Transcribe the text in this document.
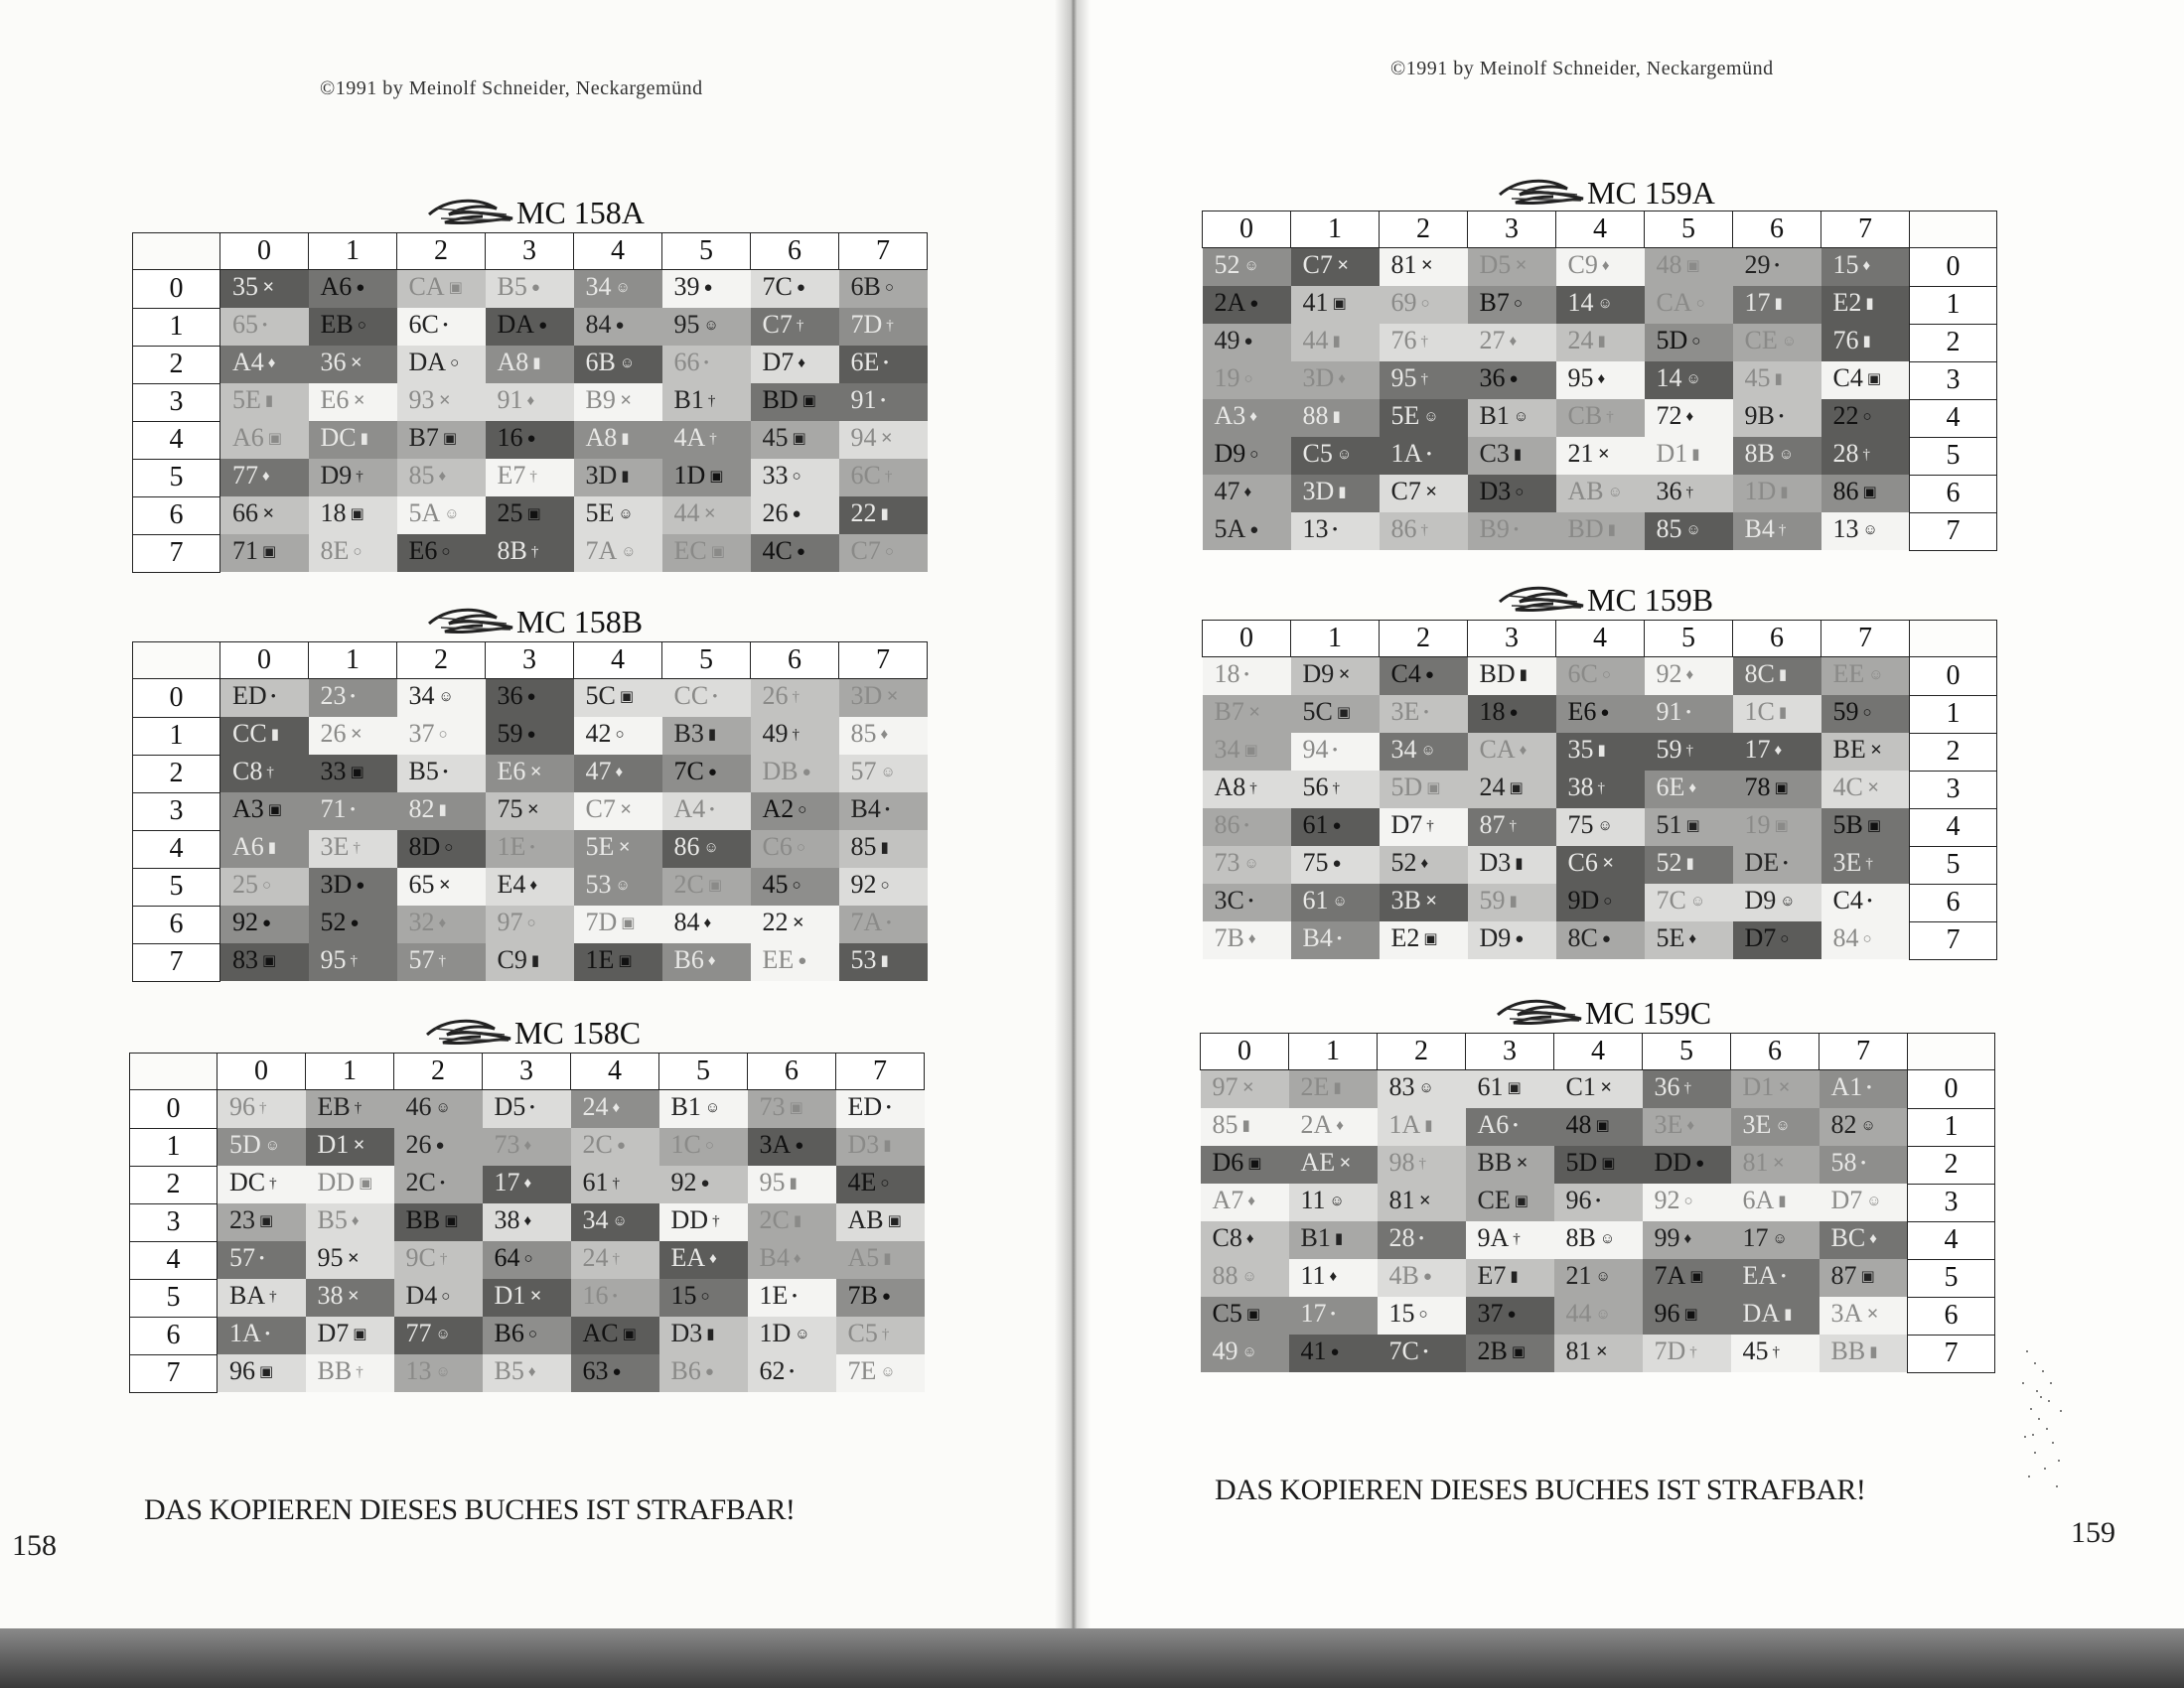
©1991 by Meinolf Schneider, Neckargemünd
DAS KOPIEREN DIESES BUCHES IST STRAFBAR!
158
©1991 by Meinolf Schneider, Neckargemünd
DAS KOPIEREN DIESES BUCHES IST STRAFBAR!
159
MC 158A
	0	1	2	3	4	5	6	7
0	35 ✕	A6 ●	CA ▣	B5 ●	34 ☺	39 ●	7C ●	6B ○
1	65 •	EB ○	6C •	DA ●	84 ●	95 ☺	C7 †	7D †
2	A4 ♦	36 ✕	DA ○	A8 ▮	6B ☺	66 •	D7 ♦	6E •
3	5E ▮	E6 ✕	93 ✕	91 ♦	B9 ✕	B1 †	BD ▣	91 •
4	A6 ▣	DC ▮	B7 ▣	16 ●	A8 ▮	4A †	45 ▣	94 ✕
5	77 ♦	D9 †	85 ♦	E7 †	3D ▮	1D ▣	33 ○	6C †
6	66 ✕	18 ▣	5A ☺	25 ▣	5E ☺	44 ✕	26 ●	22 ▮
7	71 ▣	8E ○	E6 ○	8B †	7A ☺	EC ▣	4C ●	C7 ○
MC 158B
	0	1	2	3	4	5	6	7
0	ED •	23 •	34 ☺	36 ●	5C ▣	CC •	26 †	3D ✕
1	CC ▮	26 ✕	37 ○	59 ●	42 ○	B3 ▮	49 †	85 ♦
2	C8 †	33 ▣	B5 •	E6 ✕	47 ♦	7C ●	DB ●	57 ☺
3	A3 ▣	71 •	82 ▮	75 ✕	C7 ✕	A4 •	A2 ○	B4 •
4	A6 ▮	3E †	8D ○	1E •	5E ✕	86 ☺	C6 ○	85 ▮
5	25 ○	3D ●	65 ✕	E4 ♦	53 ☺	2C ▣	45 ○	92 ○
6	92 ●	52 ●	32 ♦	97 ○	7D ▣	84 ♦	22 ✕	7A •
7	83 ▣	95 †	57 †	C9 ▮	1E ▣	B6 ♦	EE ●	53 ▮
MC 158C
	0	1	2	3	4	5	6	7
0	96 †	EB †	46 ☺	D5 •	24 ♦	B1 ☺	73 ▣	ED •
1	5D ☺	D1 ✕	26 ●	73 ♦	2C ●	1C ○	3A ●	D3 ▮
2	DC †	DD ▣	2C •	17 ♦	61 †	92 ●	95 ▮	4E ○
3	23 ▣	B5 ♦	BB ▣	38 ♦	34 ☺	DD †	2C ▮	AB ▣
4	57 •	95 ✕	9C †	64 ○	24 †	EA ♦	B4 ♦	A5 ▮
5	BA †	38 ✕	D4 ○	D1 ✕	16 •	15 ○	1E •	7B ●
6	1A •	D7 ▣	77 ☺	B6 ○	AC ▣	D3 ▮	1D ☺	C5 †
7	96 ▣	BB †	13 ☺	B5 ♦	63 ●	B6 ●	62 •	7E ☺
MC 159A
0	1	2	3	4	5	6	7	
52 ☺	C7 ✕	81 ✕	D5 ✕	C9 ♦	48 ▣	29 •	15 ♦	0
2A ●	41 ▣	69 ○	B7 ○	14 ☺	CA ○	17 ▮	E2 ▮	1
49 ●	44 ▮	76 †	27 ♦	24 ▮	5D ○	CE ☺	76 ▮	2
19 ○	3D ♦	95 †	36 ●	95 ♦	14 ☺	45 ▮	C4 ▣	3
A3 ♦	88 ▮	5E ☺	B1 ☺	CB †	72 ♦	9B •	22 ○	4
D9 ○	C5 ☺	1A •	C3 ▮	21 ✕	D1 ▮	8B ☺	28 †	5
47 ♦	3D ▮	C7 ✕	D3 ○	AB ☺	36 †	1D ▮	86 ▣	6
5A ●	13 •	86 †	B9 •	BD ▮	85 ☺	B4 †	13 ☺	7
MC 159B
0	1	2	3	4	5	6	7	
18 •	D9 ✕	C4 ●	BD ▮	6C ○	92 ♦	8C ▮	EE ☺	0
B7 ✕	5C ▣	3E •	18 ●	E6 ●	91 •	1C ▮	59 ○	1
34 ▣	94 •	34 ☺	CA ♦	35 ▮	59 †	17 ♦	BE ✕	2
A8 †	56 †	5D ▣	24 ▣	38 †	6E ♦	78 ▣	4C ✕	3
86 •	61 ●	D7 †	87 †	75 ☺	51 ▣	19 ▣	5B ▣	4
73 ☺	75 ●	52 ♦	D3 ▮	C6 ✕	52 ▮	DE •	3E †	5
3C •	61 ☺	3B ✕	59 ▮	9D ○	7C ☺	D9 ☺	C4 •	6
7B ♦	B4 •	E2 ▣	D9 ●	8C ●	5E ♦	D7 ○	84 ○	7
MC 159C
0	1	2	3	4	5	6	7	
97 ✕	2E ▮	83 ☺	61 ▣	C1 ✕	36 †	D1 ✕	A1 •	0
85 ▮	2A ♦	1A ▮	A6 •	48 ▣	3E ♦	3E ☺	82 ☺	1
D6 ▣	AE ✕	98 †	BB ✕	5D ▣	DD ●	81 ✕	58 •	2
A7 ♦	11 ☺	81 ✕	CE ▣	96 •	92 ○	6A ▮	D7 ☺	3
C8 ♦	B1 ▮	28 •	9A †	8B ☺	99 ♦	17 ☺	BC ♦	4
88 ☺	11 ♦	4B ●	E7 ▮	21 ☺	7A ▣	EA •	87 ▣	5
C5 ▣	17 •	15 ○	37 ●	44 ☺	96 ▣	DA ▮	3A ✕	6
49 ☺	41 ●	7C •	2B ▣	81 ✕	7D †	45 †	BB ▮	7
